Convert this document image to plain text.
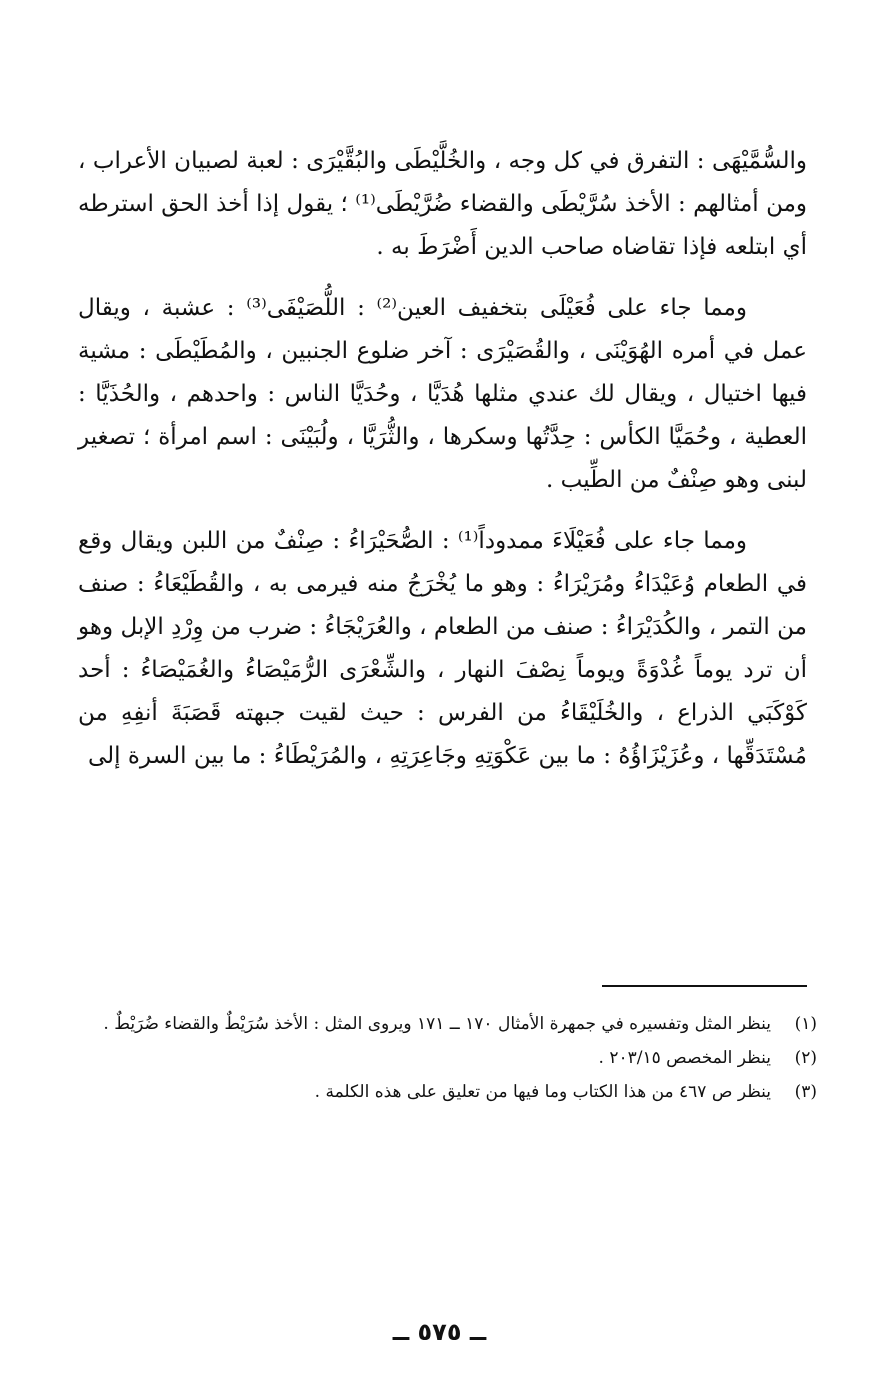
والسُّمَّيْهَى : التفرق في كل وجه ، والخُلَّيْطَى والبُقَّيْرَى : لعبة لصبيان الأعراب ، ومن أمثالهم : الأخذ سُرَّيْطَى والقضاء ضُرَّيْطَى⁽¹⁾ ؛ يقول إذا أخذ الحق استرطه أي ابتلعه فإذا تقاضاه صاحب الدين أَضْرَطَ به .

ومما جاء على فُعَيْلَى بتخفيف العين⁽²⁾ : اللُّصَيْفَى⁽³⁾ : عشبة ، ويقال عمل في أمره الهُوَيْنَى ، والقُصَيْرَى : آخر ضلوع الجنبين ، والمُطَيْطَى : مشية فيها اختيال ، ويقال لك عندي مثلها هُدَيَّا ، وحُدَيَّا الناس : واحدهم ، والحُذَيَّا : العطية ، وحُمَيَّا الكأس : حِدَّتُها وسكرها ، والثُّرَيَّا ، ولُبَيْنَى : اسم امرأة ؛ تصغير لبنى وهو صِنْفٌ من الطِّيب .

ومما جاء على فُعَيْلَاءَ ممدوداً⁽¹⁾ : الصُّحَيْرَاءُ : صِنْفٌ من اللبن ويقال وقع في الطعام وُعَيْدَاءُ ومُرَيْرَاءُ : وهو ما يُخْرَجُ منه فيرمى به ، والقُطَيْعَاءُ : صنف من التمر ، والكُدَيْرَاءُ : صنف من الطعام ، والعُرَيْجَاءُ : ضرب من وِرْدِ الإبل وهو أن ترد يوماً غُدْوَةً ويوماً نِصْفَ النهار ، والشِّعْرَى الرُّمَيْصَاءُ والغُمَيْصَاءُ : أحد كَوْكَبَي الذراع ، والخُلَيْقَاءُ من الفرس : حيث لقيت جبهته قَصَبَةَ أنفِهِ من مُسْتَدَقِّها ، وعُزَيْزَاؤُهُ : ما بين عَكْوَتِهِ وجَاعِرَتِهِ ، والمُرَيْطَاءُ : ما بين السرة إلى

(١)
ينظر المثل وتفسيره في جمهرة الأمثال ١٧٠ ــ ١٧١ ويروى المثل : الأخذ سُرَيْطٌ والقضاء ضُرَيْطٌ .
(٢)
ينظر المخصص ٢٠٣/١٥ .
(٣)
ينظر ص ٤٦٧ من هذا الكتاب وما فيها من تعليق على هذه الكلمة .
ــ ٥٧٥ ــ
